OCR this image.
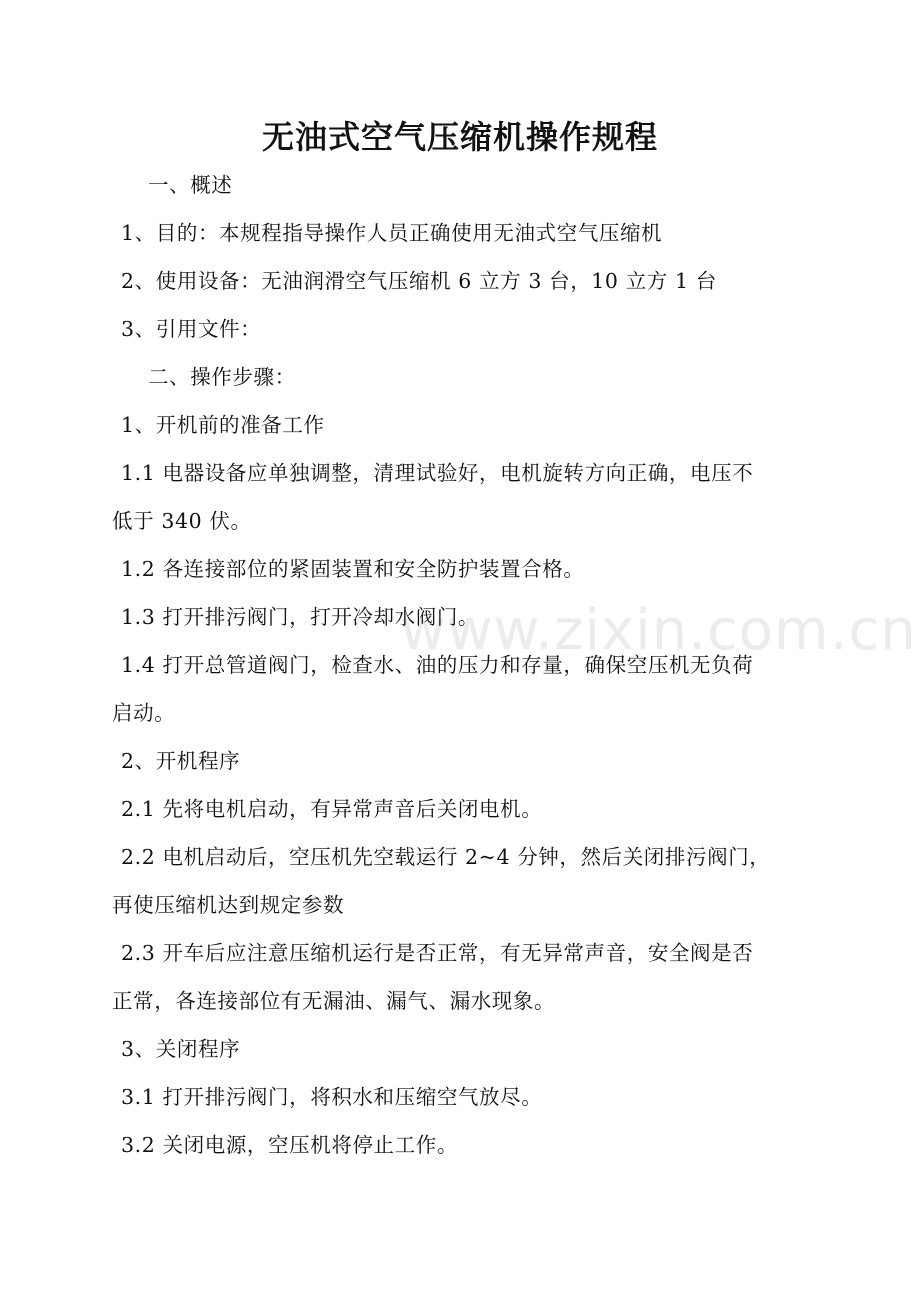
无油式空气压缩机操作规程
www.zixin.com.cn
一、概述
1、目的：本规程指导操作人员正确使用无油式空气压缩机
2、使用设备：无油润滑空气压缩机 6 立方 3 台，10 立方 1 台
3、引用文件：
二、操作步骤：
1、开机前的准备工作
1.1 电器设备应单独调整，清理试验好，电机旋转方向正确，电压不
低于 340 伏。
1.2 各连接部位的紧固装置和安全防护装置合格。
1.3 打开排污阀门，打开冷却水阀门。
1.4 打开总管道阀门，检查水、油的压力和存量，确保空压机无负荷
启动。
2、开机程序
2.1 先将电机启动，有异常声音后关闭电机。
2.2 电机启动后，空压机先空载运行 2~4 分钟，然后关闭排污阀门，
再使压缩机达到规定参数
2.3 开车后应注意压缩机运行是否正常，有无异常声音，安全阀是否
正常，各连接部位有无漏油、漏气、漏水现象。
3、关闭程序
3.1 打开排污阀门，将积水和压缩空气放尽。
3.2 关闭电源，空压机将停止工作。
